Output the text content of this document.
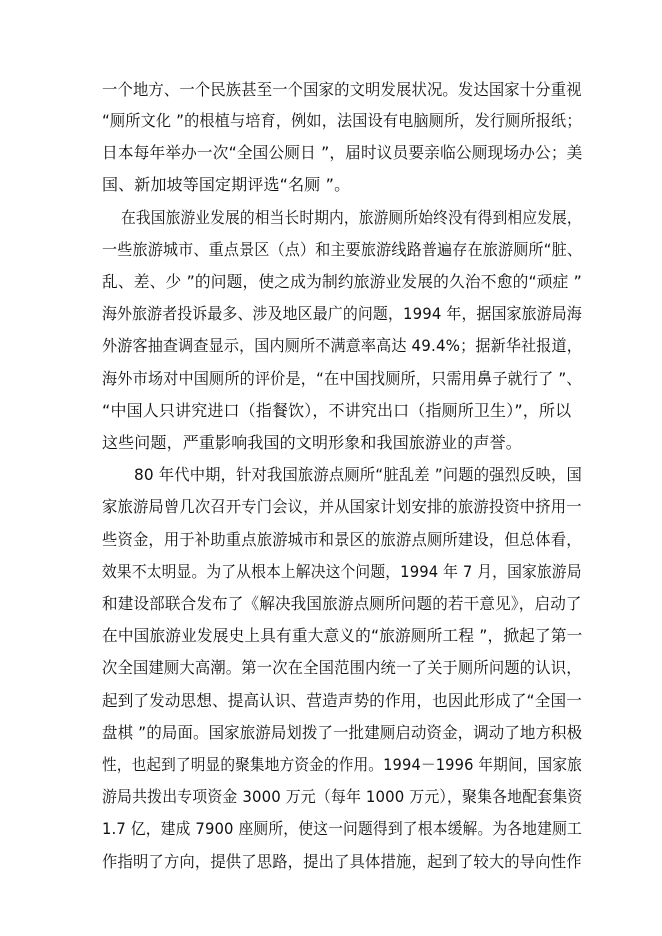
一个地方、一个民族甚至一个国家的文明发展状况。发达国家十分重视
“厕所文化 ”的根植与培育，例如，法国设有电脑厕所，发行厕所报纸；
日本每年举办一次“全国公厕日 ”，届时议员要亲临公厕现场办公；美
国、新加坡等国定期评选“名厕 ”。
在我国旅游业发展的相当长时期内，旅游厕所始终没有得到相应发展，
一些旅游城市、重点景区（点）和主要旅游线路普遍存在旅游厕所“脏、
乱、差、少 ”的问题，使之成为制约旅游业发展的久治不愈的“顽症 ”
海外旅游者投诉最多、涉及地区最广的问题，1994 年，据国家旅游局海
外游客抽查调查显示，国内厕所不满意率高达 49.4%；据新华社报道，
海外市场对中国厕所的评价是，“在中国找厕所，只需用鼻子就行了 ”、
“中国人只讲究进口（指餐饮），不讲究出口（指厕所卫生）”，所以
这些问题，严重影响我国的文明形象和我国旅游业的声誉。
80 年代中期，针对我国旅游点厕所“脏乱差 ”问题的强烈反映，国
家旅游局曾几次召开专门会议，并从国家计划安排的旅游投资中挤用一
些资金，用于补助重点旅游城市和景区的旅游点厕所建设，但总体看，
效果不太明显。为了从根本上解决这个问题，1994 年 7 月，国家旅游局
和建设部联合发布了《解决我国旅游点厕所问题的若干意见》，启动了
在中国旅游业发展史上具有重大意义的“旅游厕所工程 ”，掀起了第一
次全国建厕大高潮。第一次在全国范围内统一了关于厕所问题的认识，
起到了发动思想、提高认识、营造声势的作用，也因此形成了“全国一
盘棋 ”的局面。国家旅游局划拨了一批建厕启动资金，调动了地方积极
性，也起到了明显的聚集地方资金的作用。1994－1996 年期间，国家旅
游局共拨出专项资金 3000 万元（每年 1000 万元），聚集各地配套集资
1.7 亿，建成 7900 座厕所，使这一问题得到了根本缓解。为各地建厕工
作指明了方向，提供了思路，提出了具体措施，起到了较大的导向性作
